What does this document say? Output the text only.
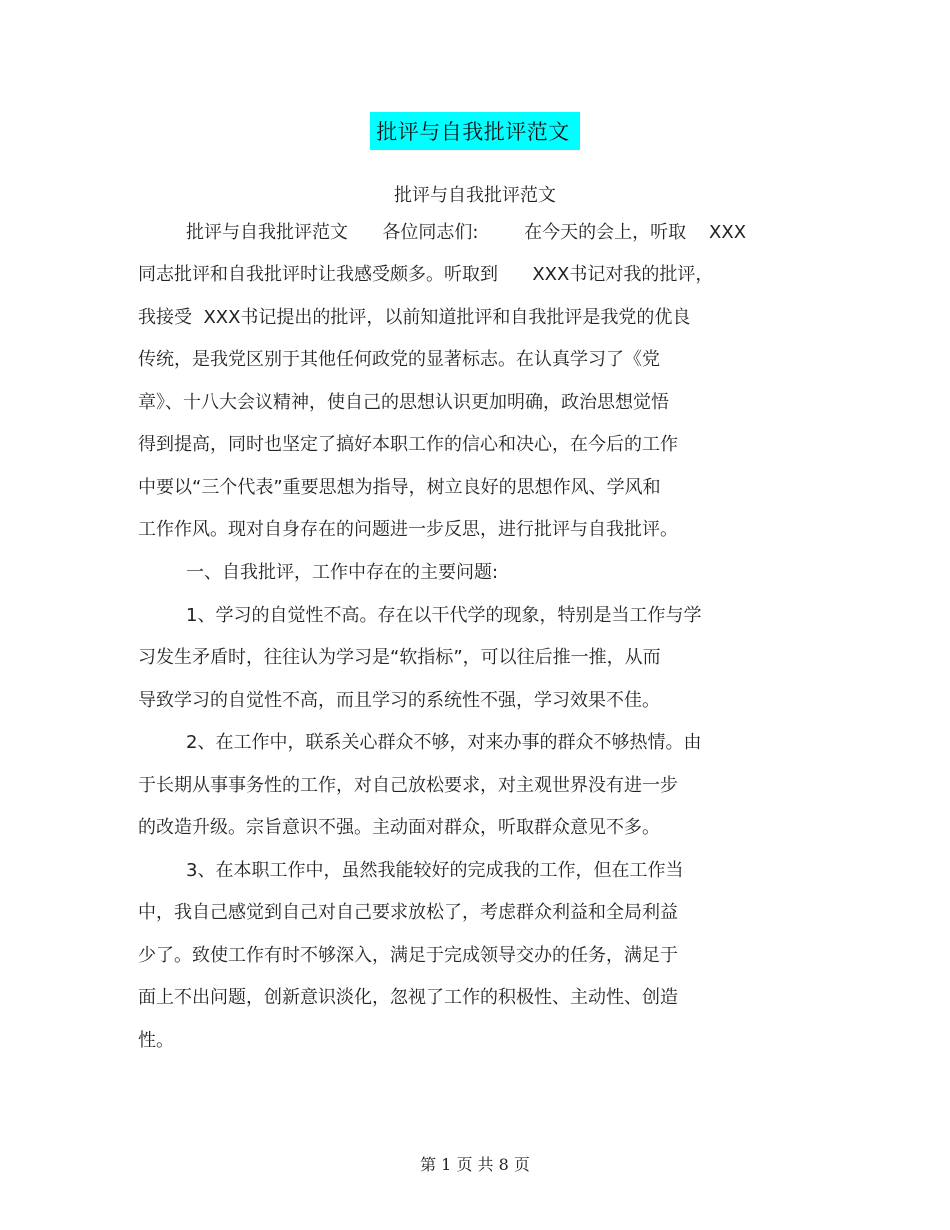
批评与自我批评范文
批评与自我批评范文
批评与自我批评范文      各位同志们:        在今天的会上，听取    XXX
同志批评和自我批评时让我感受颇多。听取到      XXX书记对我的批评，
我接受  XXX书记提出的批评，以前知道批评和自我批评是我党的优良
传统，是我党区别于其他任何政党的显著标志。在认真学习了《党
章》、十八大会议精神，使自己的思想认识更加明确，政治思想觉悟
得到提高，同时也坚定了搞好本职工作的信心和决心，在今后的工作
中要以“三个代表”重要思想为指导，树立良好的思想作风、学风和
工作作风。现对自身存在的问题进一步反思，进行批评与自我批评。
一、自我批评，工作中存在的主要问题:
1、学习的自觉性不高。存在以干代学的现象，特别是当工作与学
习发生矛盾时，往往认为学习是“软指标”，可以往后推一推，从而
导致学习的自觉性不高，而且学习的系统性不强，学习效果不佳。
2、在工作中，联系关心群众不够，对来办事的群众不够热情。由
于长期从事事务性的工作，对自己放松要求，对主观世界没有进一步
的改造升级。宗旨意识不强。主动面对群众，听取群众意见不多。
3、在本职工作中，虽然我能较好的完成我的工作，但在工作当
中，我自己感觉到自己对自己要求放松了，考虑群众利益和全局利益
少了。致使工作有时不够深入，满足于完成领导交办的任务，满足于
面上不出问题，创新意识淡化，忽视了工作的积极性、主动性、创造
性。
第 1 页 共 8 页
